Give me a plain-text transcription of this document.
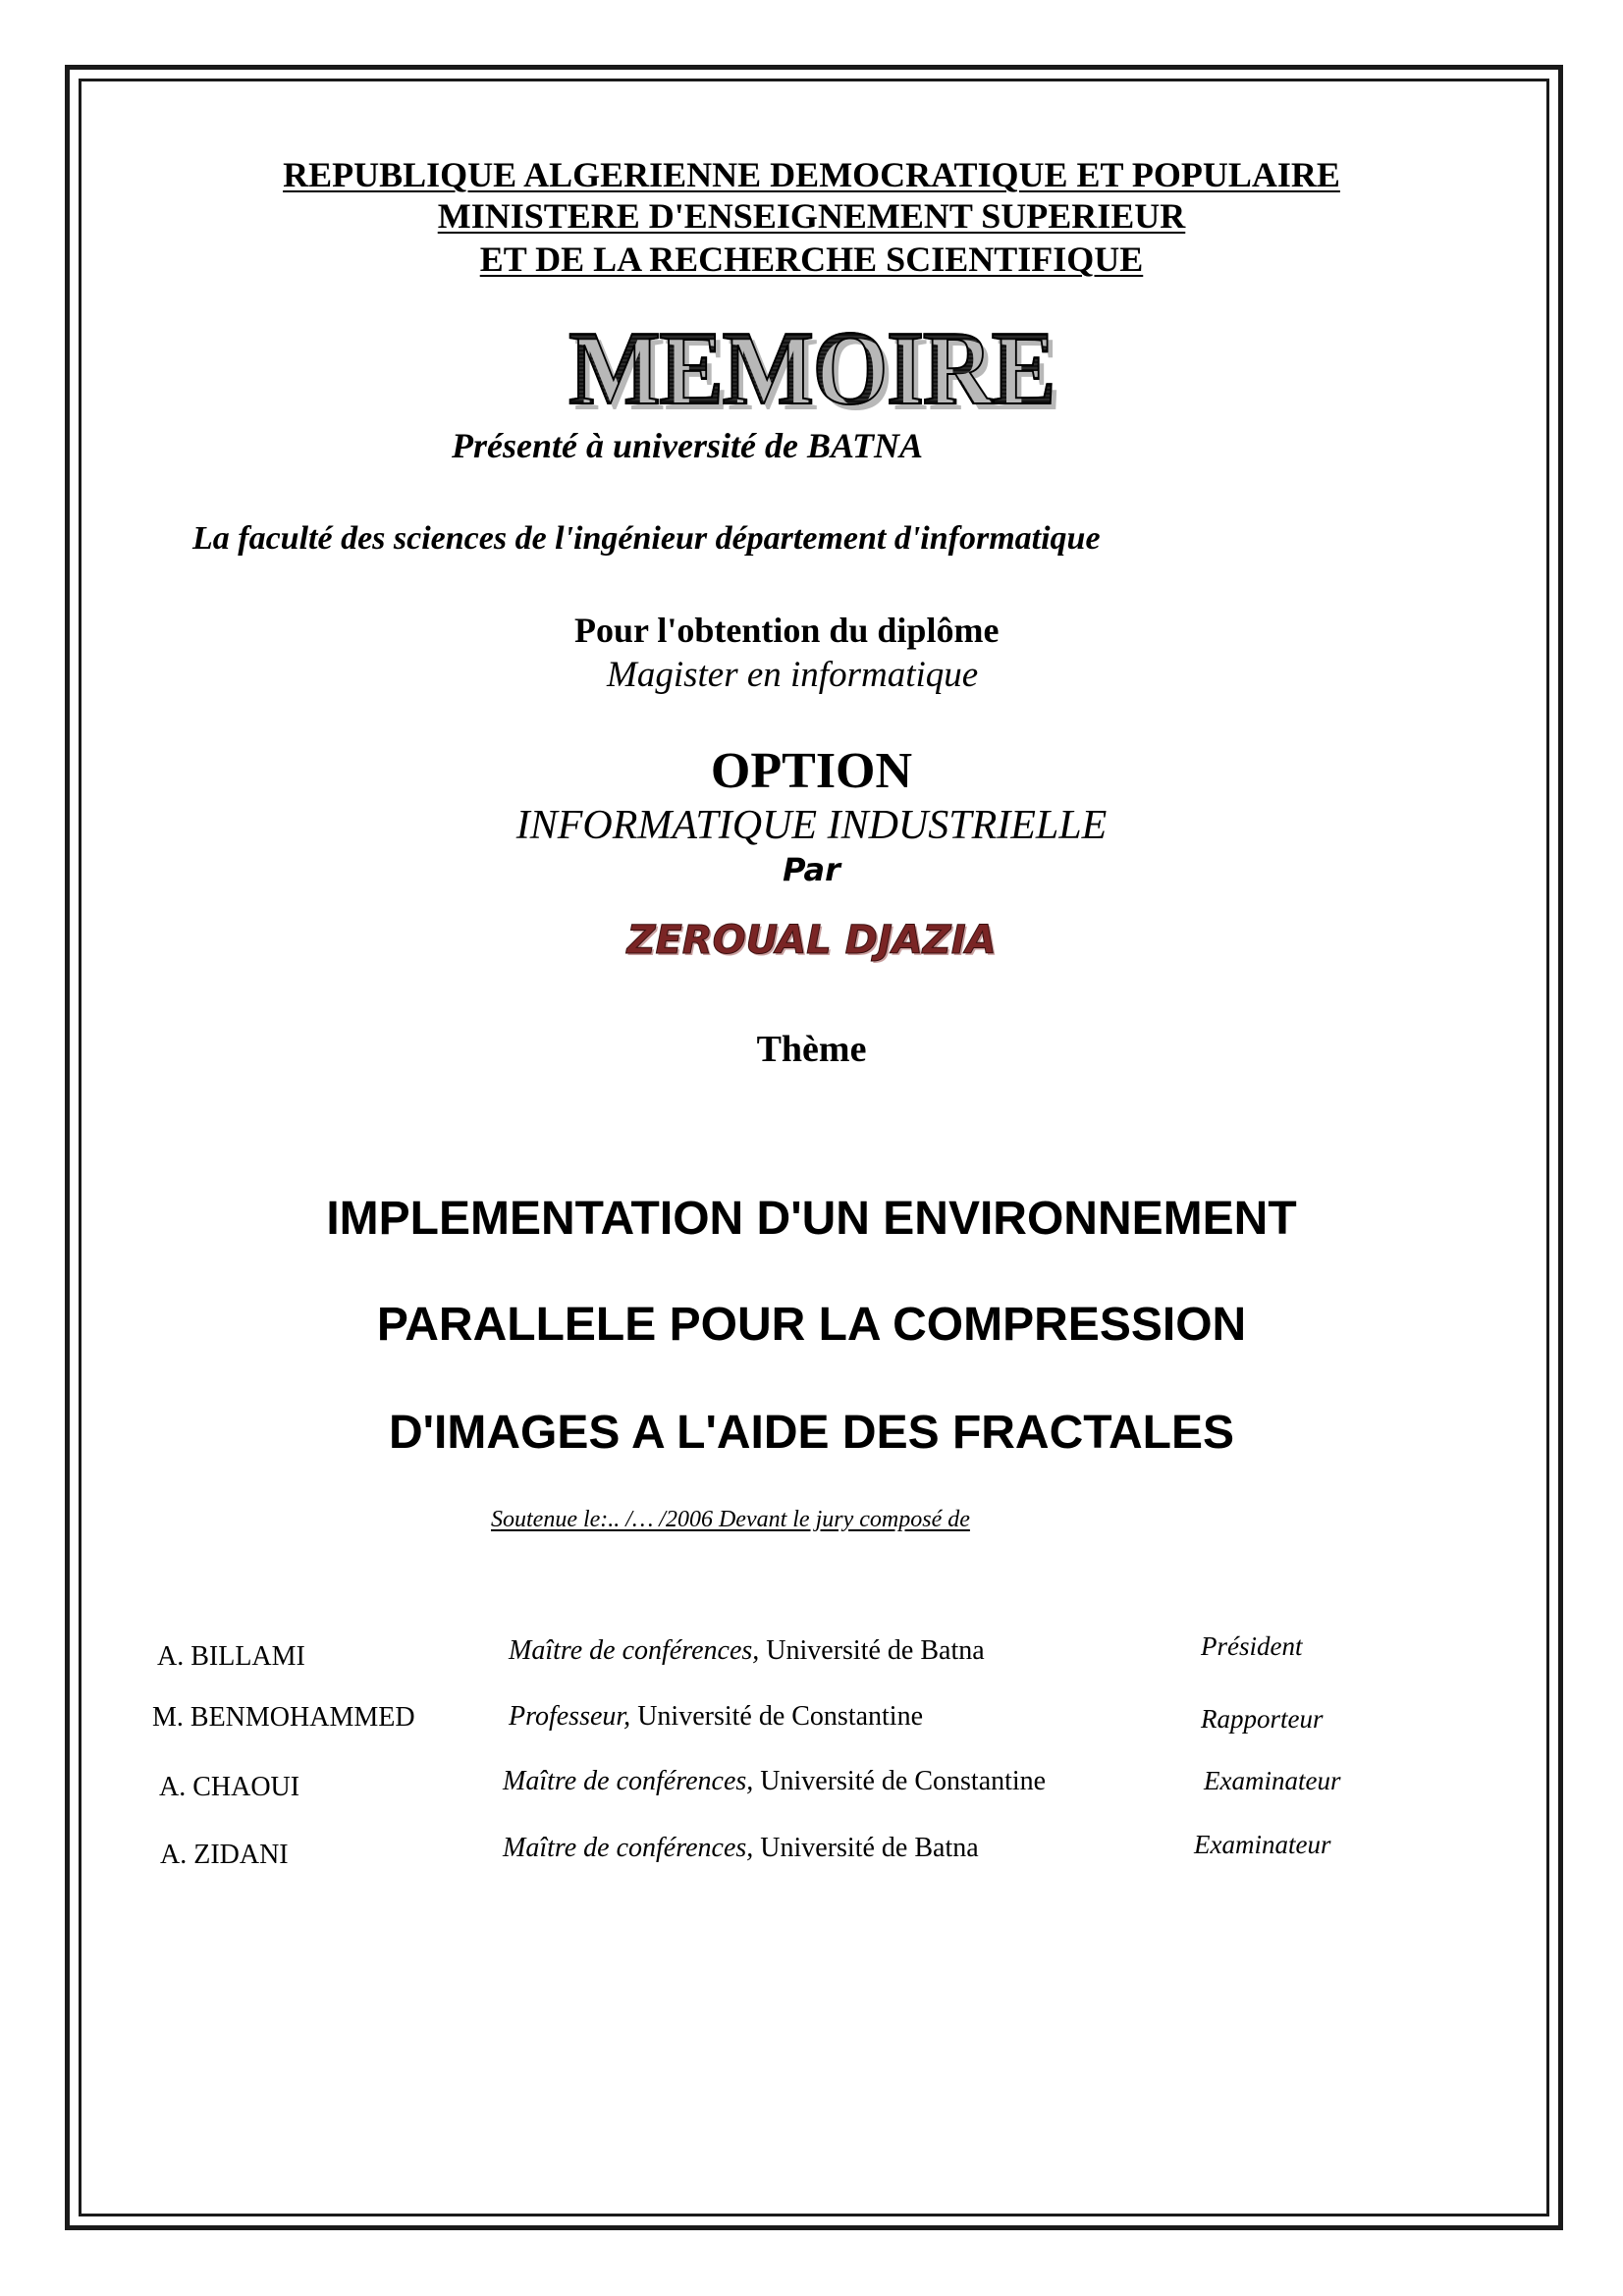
REPUBLIQUE ALGERIENNE DEMOCRATIQUE ET POPULAIRE
MINISTERE D'ENSEIGNEMENT SUPERIEUR
ET DE LA RECHERCHE SCIENTIFIQUE
MEMOIRE
Présenté à université de BATNA
La faculté des sciences de l'ingénieur département d'informatique
Pour l'obtention du diplôme
Magister en informatique
OPTION
INFORMATIQUE INDUSTRIELLE
Par
ZEROUAL DJAZIA
Thème
IMPLEMENTATION D'UN ENVIRONNEMENT
PARALLELE POUR LA COMPRESSION
D'IMAGES A L'AIDE DES FRACTALES
Soutenue le:.. /… /2006 Devant le jury composé de
A. BILLAMI	Maître de conférences, Université de Batna	Président
M. BENMOHAMMED	Professeur, Université de Constantine	Rapporteur
A. CHAOUI	Maître de conférences, Université de Constantine	Examinateur
A. ZIDANI	Maître de conférences, Université de Batna	Examinateur
